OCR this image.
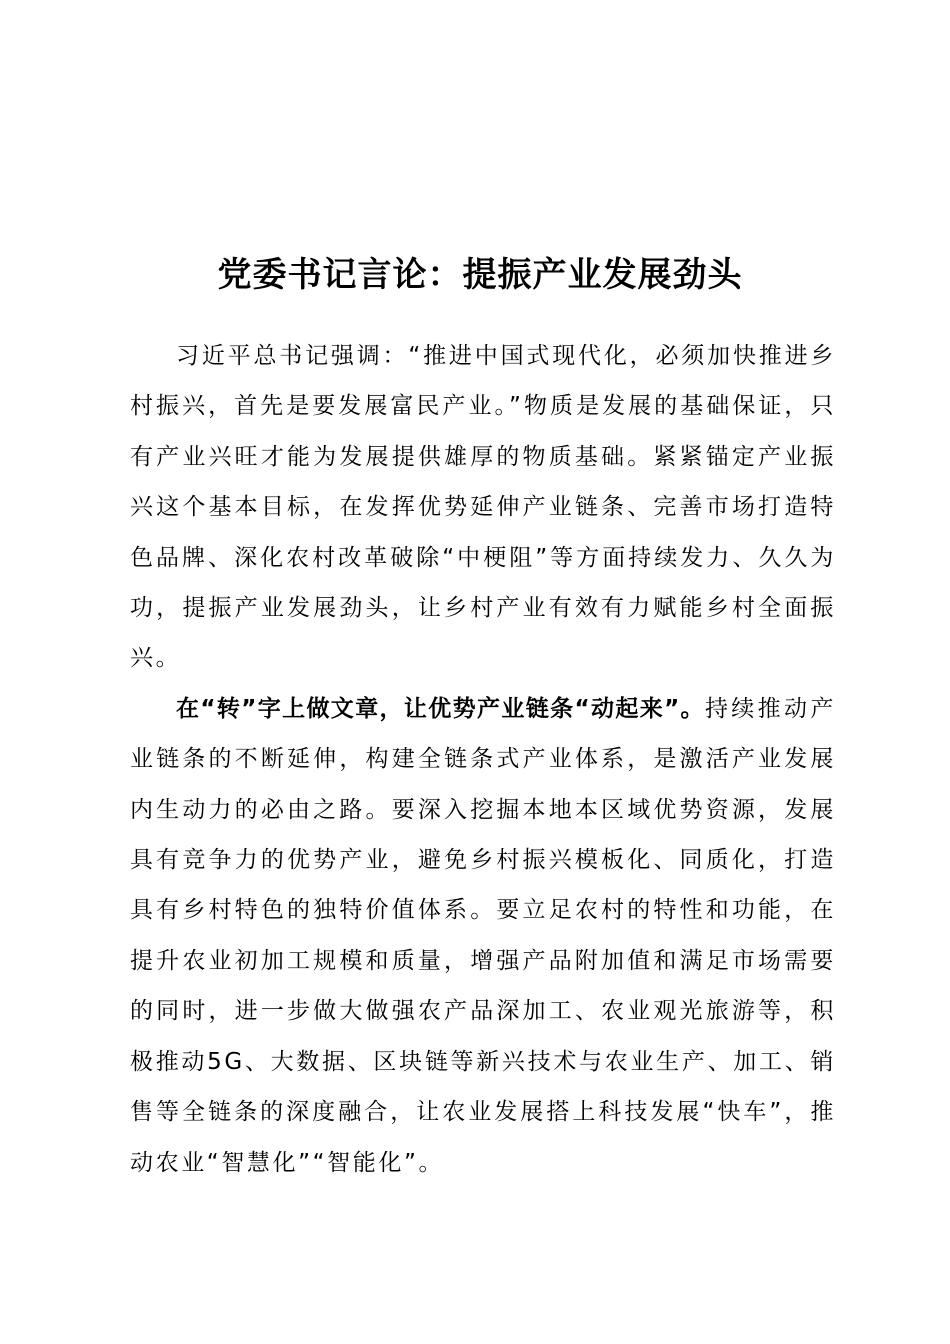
党委书记言论：提振产业发展劲头

习近平总书记强调：“推进中国式现代化，必须加快推进乡村振兴，首先是要发展富民产业。”物质是发展的基础保证，只有产业兴旺才能为发展提供雄厚的物质基础。紧紧锚定产业振兴这个基本目标，在发挥优势延伸产业链条、完善市场打造特色品牌、深化农村改革破除“中梗阻”等方面持续发力、久久为功，提振产业发展劲头，让乡村产业有效有力赋能乡村全面振兴。

在“转”字上做文章，让优势产业链条“动起来”。持续推动产业链条的不断延伸，构建全链条式产业体系，是激活产业发展内生动力的必由之路。要深入挖掘本地本区域优势资源，发展具有竞争力的优势产业，避免乡村振兴模板化、同质化，打造具有乡村特色的独特价值体系。要立足农村的特性和功能，在提升农业初加工规模和质量，增强产品附加值和满足市场需要的同时，进一步做大做强农产品深加工、农业观光旅游等，积极推动5G、大数据、区块链等新兴技术与农业生产、加工、销售等全链条的深度融合，让农业发展搭上科技发展“快车”，推动农业“智慧化”“智能化”。
